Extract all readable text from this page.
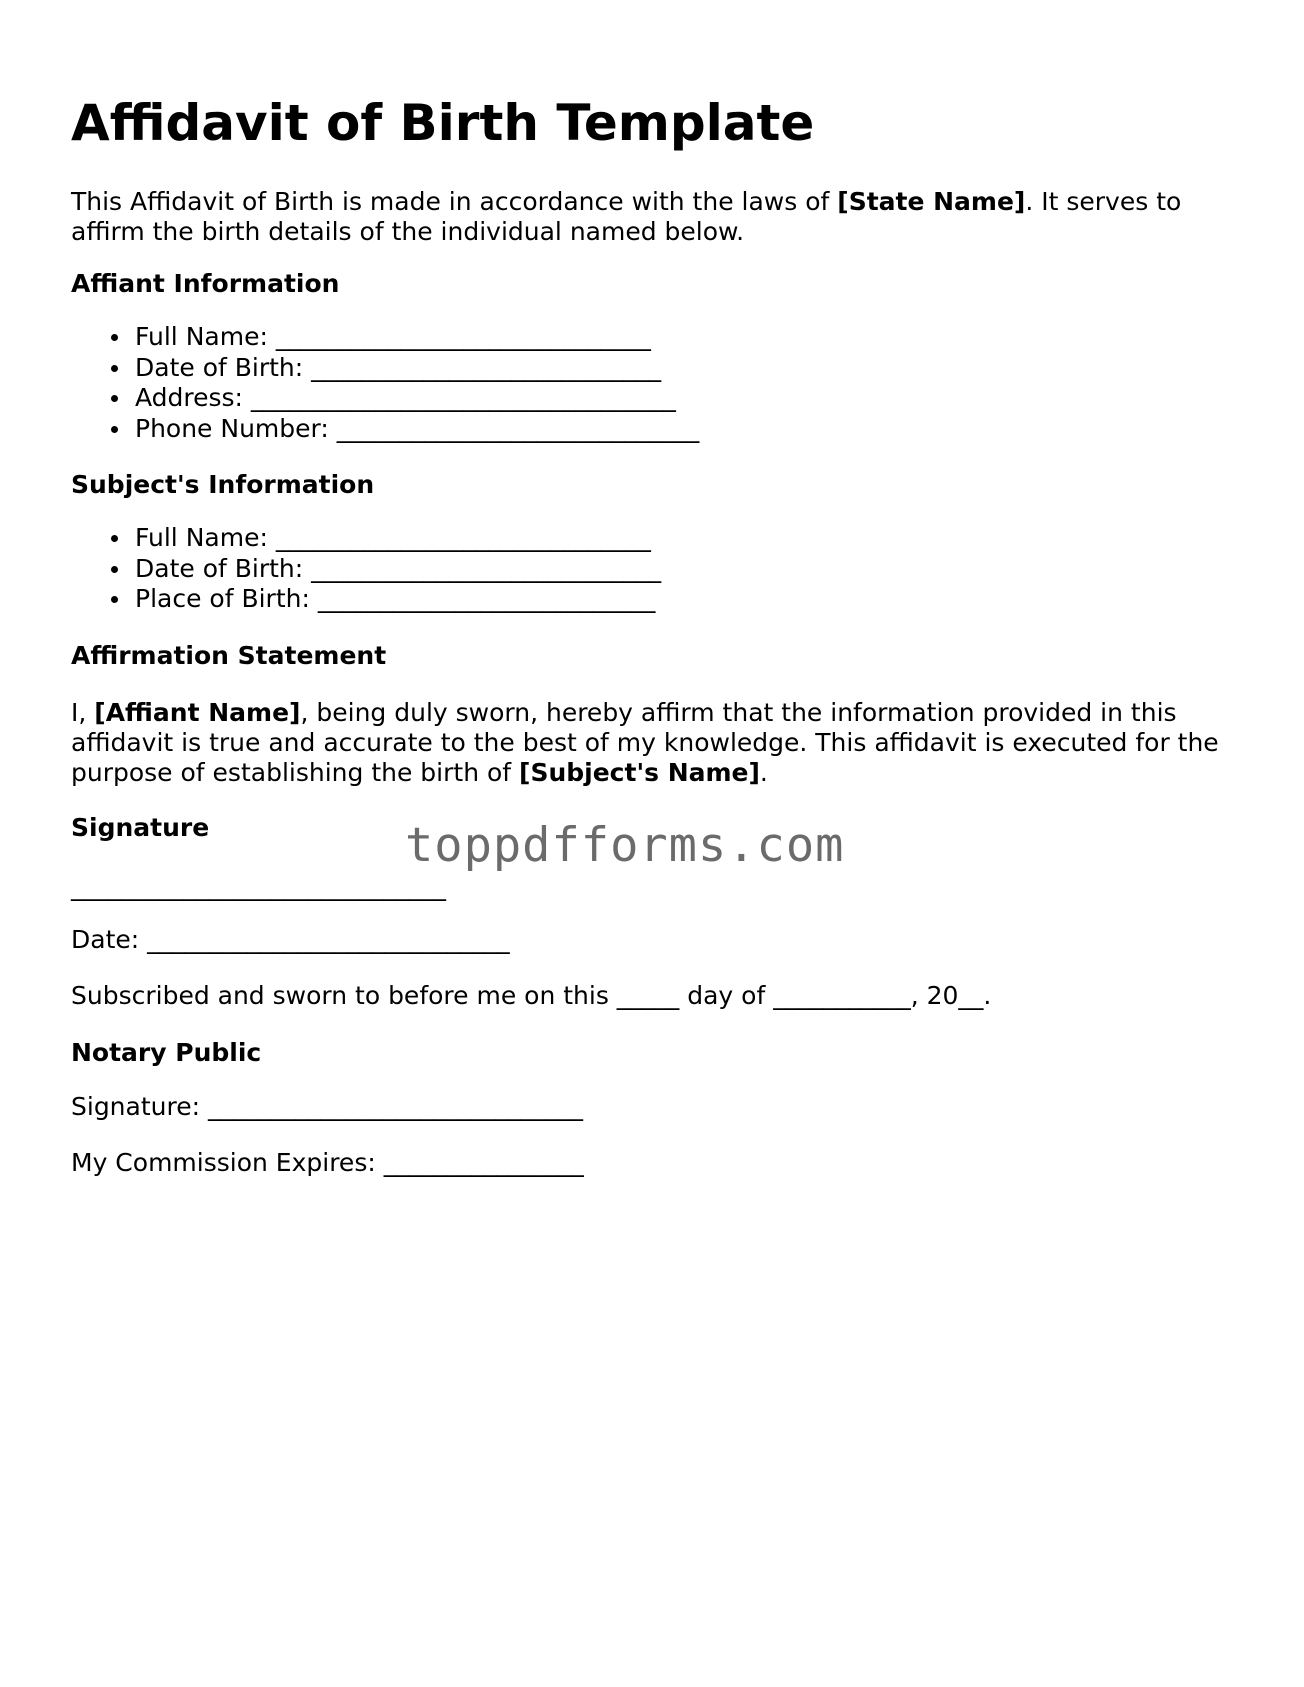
Affidavit of Birth Template

This Affidavit of Birth is made in accordance with the laws of [State Name]. It serves to affirm the birth details of the individual named below.

Affiant Information

Full Name: ______________________________
Date of Birth: ____________________________
Address: __________________________________
Phone Number: _____________________________

Subject's Information

Full Name: ______________________________
Date of Birth: ____________________________
Place of Birth: ___________________________

Affirmation Statement

I, [Affiant Name], being duly sworn, hereby affirm that the information provided in this affidavit is true and accurate to the best of my knowledge. This affidavit is executed for the purpose of establishing the birth of [Subject's Name].

Signature

______________________________

Date: _____________________________

Subscribed and sworn to before me on this _____ day of ___________, 20__.

Notary Public

Signature: ______________________________

My Commission Expires: ________________

toppdfforms.com
